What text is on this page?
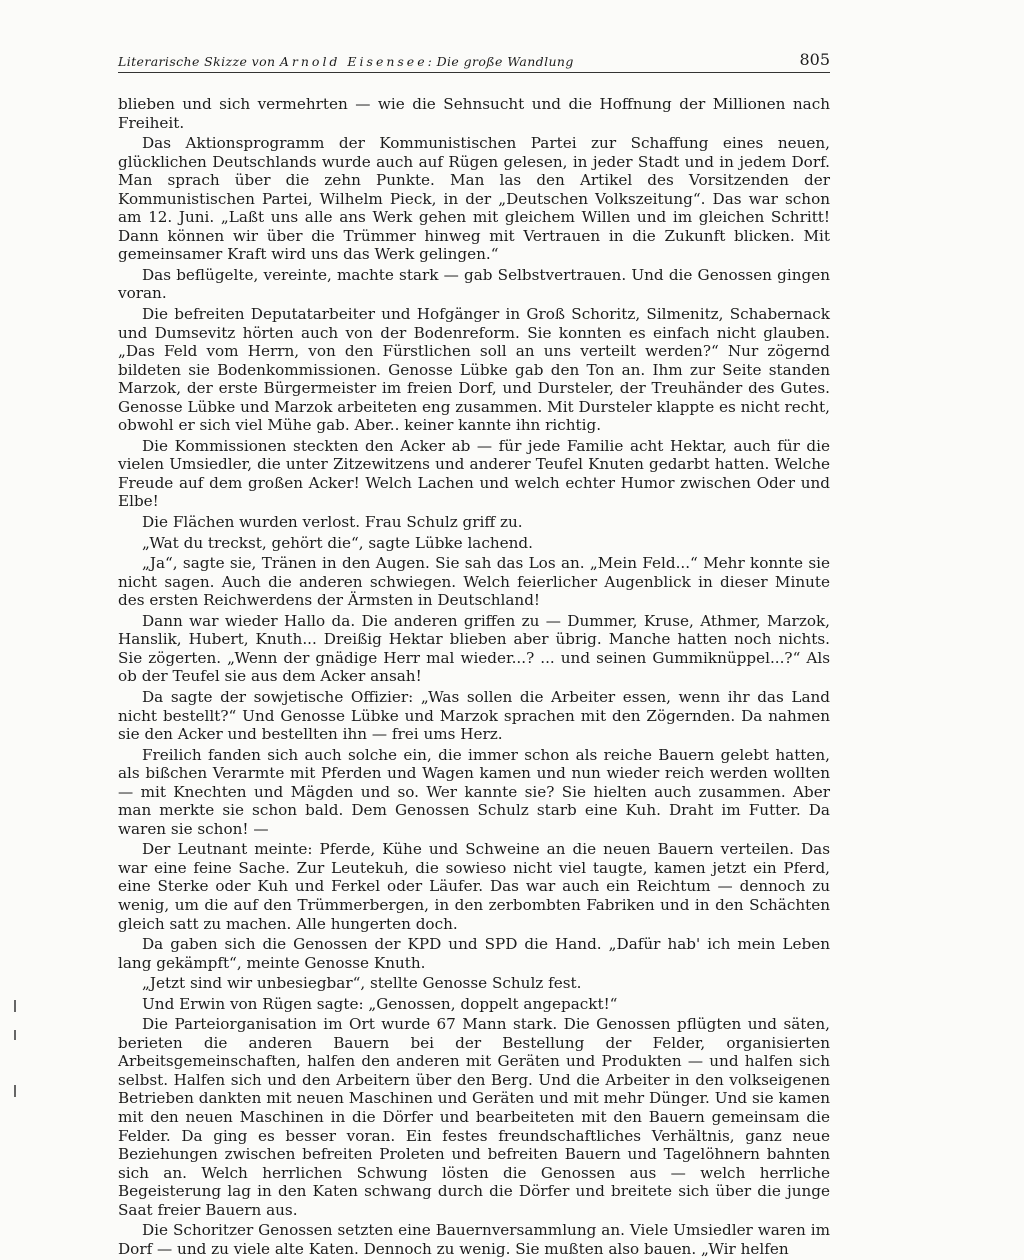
Literarische Skizze von Arnold Eisensee: Die große Wandlung	805

blieben und sich vermehrten — wie die Sehnsucht und die Hoffnung der Millionen nach Freiheit.

Das Aktionsprogramm der Kommunistischen Partei zur Schaffung eines neuen, glücklichen Deutschlands wurde auch auf Rügen gelesen, in jeder Stadt und in jedem Dorf. Man sprach über die zehn Punkte. Man las den Artikel des Vorsitzenden der Kommunistischen Partei, Wilhelm Pieck, in der „Deutschen Volkszeitung“. Das war schon am 12. Juni. „Laßt uns alle ans Werk gehen mit gleichem Willen und im gleichen Schritt! Dann können wir über die Trümmer hinweg mit Vertrauen in die Zukunft blicken. Mit gemeinsamer Kraft wird uns das Werk gelingen.“

Das beflügelte, vereinte, machte stark — gab Selbstvertrauen. Und die Genossen gingen voran.

Die befreiten Deputatarbeiter und Hofgänger in Groß Schoritz, Silmenitz, Schabernack und Dumsevitz hörten auch von der Bodenreform. Sie konnten es einfach nicht glauben. „Das Feld vom Herrn, von den Fürstlichen soll an uns verteilt werden?“ Nur zögernd bildeten sie Bodenkommissionen. Genosse Lübke gab den Ton an. Ihm zur Seite standen Marzok, der erste Bürgermeister im freien Dorf, und Dursteler, der Treuhänder des Gutes. Genosse Lübke und Marzok arbeiteten eng zusammen. Mit Dursteler klappte es nicht recht, obwohl er sich viel Mühe gab. Aber.. keiner kannte ihn richtig.

Die Kommissionen steckten den Acker ab — für jede Familie acht Hektar, auch für die vielen Umsiedler, die unter Zitzewitzens und anderer Teufel Knuten gedarbt hatten. Welche Freude auf dem großen Acker! Welch Lachen und welch echter Humor zwischen Oder und Elbe!

Die Flächen wurden verlost. Frau Schulz griff zu.

„Wat du treckst, gehört die“, sagte Lübke lachend.

„Ja“, sagte sie, Tränen in den Augen. Sie sah das Los an. „Mein Feld...“ Mehr konnte sie nicht sagen. Auch die anderen schwiegen. Welch feierlicher Augenblick in dieser Minute des ersten Reichwerdens der Ärmsten in Deutschland!

Dann war wieder Hallo da. Die anderen griffen zu — Dummer, Kruse, Athmer, Marzok, Hanslik, Hubert, Knuth... Dreißig Hektar blieben aber übrig. Manche hatten noch nichts. Sie zögerten. „Wenn der gnädige Herr mal wieder...? ... und seinen Gummiknüppel...?“ Als ob der Teufel sie aus dem Acker ansah!

Da sagte der sowjetische Offizier: „Was sollen die Arbeiter essen, wenn ihr das Land nicht bestellt?“ Und Genosse Lübke und Marzok sprachen mit den Zögernden. Da nahmen sie den Acker und bestellten ihn — frei ums Herz.

Freilich fanden sich auch solche ein, die immer schon als reiche Bauern gelebt hatten, als bißchen Verarmte mit Pferden und Wagen kamen und nun wieder reich werden wollten — mit Knechten und Mägden und so. Wer kannte sie? Sie hielten auch zusammen. Aber man merkte sie schon bald. Dem Genossen Schulz starb eine Kuh. Draht im Futter. Da waren sie schon! —

Der Leutnant meinte: Pferde, Kühe und Schweine an die neuen Bauern verteilen. Das war eine feine Sache. Zur Leutekuh, die sowieso nicht viel taugte, kamen jetzt ein Pferd, eine Sterke oder Kuh und Ferkel oder Läufer. Das war auch ein Reichtum — dennoch zu wenig, um die auf den Trümmerbergen, in den zerbombten Fabriken und in den Schächten gleich satt zu machen. Alle hungerten doch.

Da gaben sich die Genossen der KPD und SPD die Hand. „Dafür hab' ich mein Leben lang gekämpft“, meinte Genosse Knuth.

„Jetzt sind wir unbesiegbar“, stellte Genosse Schulz fest.

Und Erwin von Rügen sagte: „Genossen, doppelt angepackt!“

Die Parteiorganisation im Ort wurde 67 Mann stark. Die Genossen pflügten und säten, berieten die anderen Bauern bei der Bestellung der Felder, organisierten Arbeitsgemeinschaften, halfen den anderen mit Geräten und Produkten — und halfen sich selbst. Halfen sich und den Arbeitern über den Berg. Und die Arbeiter in den volkseigenen Betrieben dankten mit neuen Maschinen und Geräten und mit mehr Dünger. Und sie kamen mit den neuen Maschinen in die Dörfer und bearbeiteten mit den Bauern gemeinsam die Felder. Da ging es besser voran. Ein festes freundschaftliches Verhältnis, ganz neue Beziehungen zwischen befreiten Proleten und befreiten Bauern und Tagelöhnern bahnten sich an. Welch herrlichen Schwung lösten die Genossen aus — welch herrliche Begeisterung lag in den Katen schwang durch die Dörfer und breitete sich über die junge Saat freier Bauern aus.

Die Schoritzer Genossen setzten eine Bauernversammlung an. Viele Umsiedler waren im Dorf — und zu viele alte Katen. Dennoch zu wenig. Sie mußten also bauen. „Wir helfen
